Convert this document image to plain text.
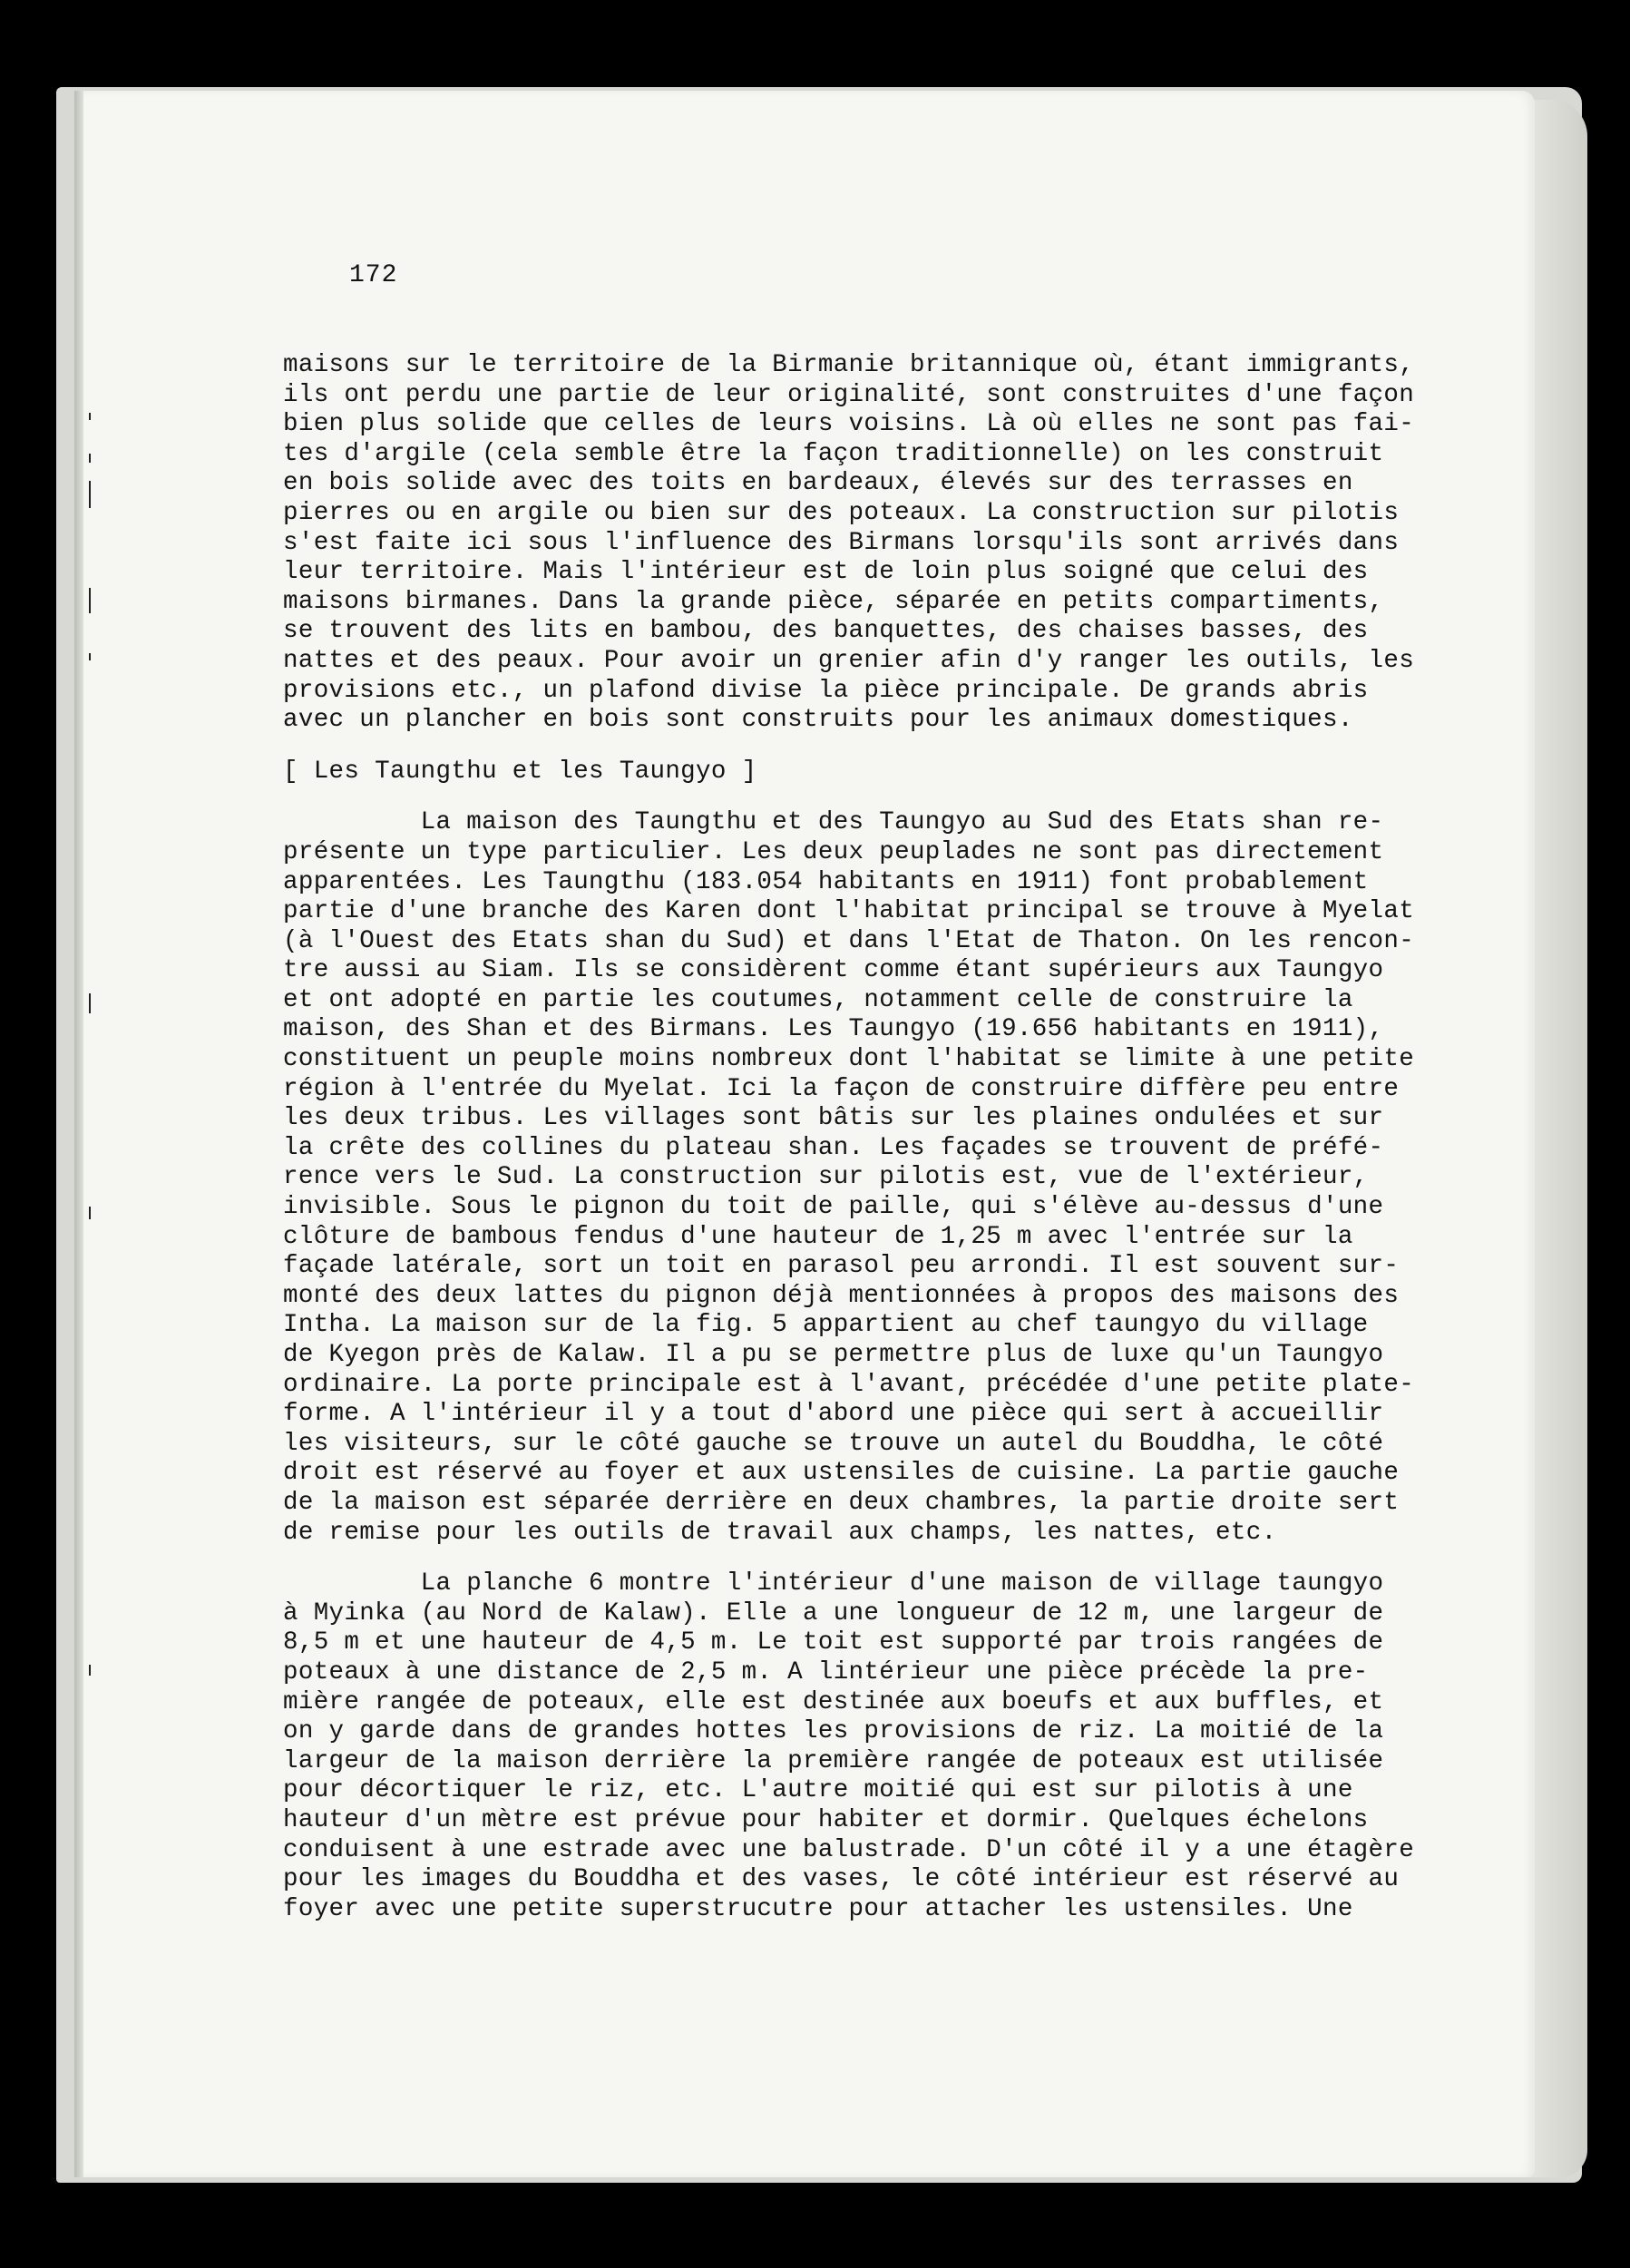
172
maisons sur le territoire de la Birmanie britannique où, étant immigrants,
ils ont perdu une partie de leur originalité, sont construites d'une façon
bien plus solide que celles de leurs voisins. Là où elles ne sont pas fai-
tes d'argile (cela semble être la façon traditionnelle) on les construit
en bois solide avec des toits en bardeaux, élevés sur des terrasses en
pierres ou en argile ou bien sur des poteaux. La construction sur pilotis
s'est faite ici sous l'influence des Birmans lorsqu'ils sont arrivés dans
leur territoire. Mais l'intérieur est de loin plus soigné que celui des
maisons birmanes. Dans la grande pièce, séparée en petits compartiments,
se trouvent des lits en bambou, des banquettes, des chaises basses, des
nattes et des peaux. Pour avoir un grenier afin d'y ranger les outils, les
provisions etc., un plafond divise la pièce principale. De grands abris
avec un plancher en bois sont construits pour les animaux domestiques.
[ Les Taungthu et les Taungyo ]
La maison des Taungthu et des Taungyo au Sud des Etats shan re-
présente un type particulier. Les deux peuplades ne sont pas directement
apparentées. Les Taungthu (183.054 habitants en 1911) font probablement
partie d'une branche des Karen dont l'habitat principal se trouve à Myelat
(à l'Ouest des Etats shan du Sud) et dans l'Etat de Thaton. On les rencon-
tre aussi au Siam. Ils se considèrent comme étant supérieurs aux Taungyo
et ont adopté en partie les coutumes, notamment celle de construire la
maison, des Shan et des Birmans. Les Taungyo (19.656 habitants en 1911),
constituent un peuple moins nombreux dont l'habitat se limite à une petite
région à l'entrée du Myelat. Ici la façon de construire diffère peu entre
les deux tribus. Les villages sont bâtis sur les plaines ondulées et sur
la crête des collines du plateau shan. Les façades se trouvent de préfé-
rence vers le Sud. La construction sur pilotis est, vue de l'extérieur,
invisible. Sous le pignon du toit de paille, qui s'élève au-dessus d'une
clôture de bambous fendus d'une hauteur de 1,25 m avec l'entrée sur la
façade latérale, sort un toit en parasol peu arrondi. Il est souvent sur-
monté des deux lattes du pignon déjà mentionnées à propos des maisons des
Intha. La maison sur de la fig. 5 appartient au chef taungyo du village
de Kyegon près de Kalaw. Il a pu se permettre plus de luxe qu'un Taungyo
ordinaire. La porte principale est à l'avant, précédée d'une petite plate-
forme. A l'intérieur il y a tout d'abord une pièce qui sert à accueillir
les visiteurs, sur le côté gauche se trouve un autel du Bouddha, le côté
droit est réservé au foyer et aux ustensiles de cuisine. La partie gauche
de la maison est séparée derrière en deux chambres, la partie droite sert
de remise pour les outils de travail aux champs, les nattes, etc.
La planche 6 montre l'intérieur d'une maison de village taungyo
à Myinka (au Nord de Kalaw). Elle a une longueur de 12 m, une largeur de
8,5 m et une hauteur de 4,5 m. Le toit est supporté par trois rangées de
poteaux à une distance de 2,5 m. A lintérieur une pièce précède la pre-
mière rangée de poteaux, elle est destinée aux boeufs et aux buffles, et
on y garde dans de grandes hottes les provisions de riz. La moitié de la
largeur de la maison derrière la première rangée de poteaux est utilisée
pour décortiquer le riz, etc. L'autre moitié qui est sur pilotis à une
hauteur d'un mètre est prévue pour habiter et dormir. Quelques échelons
conduisent à une estrade avec une balustrade. D'un côté il y a une étagère
pour les images du Bouddha et des vases, le côté intérieur est réservé au
foyer avec une petite superstrucutre pour attacher les ustensiles. Une
